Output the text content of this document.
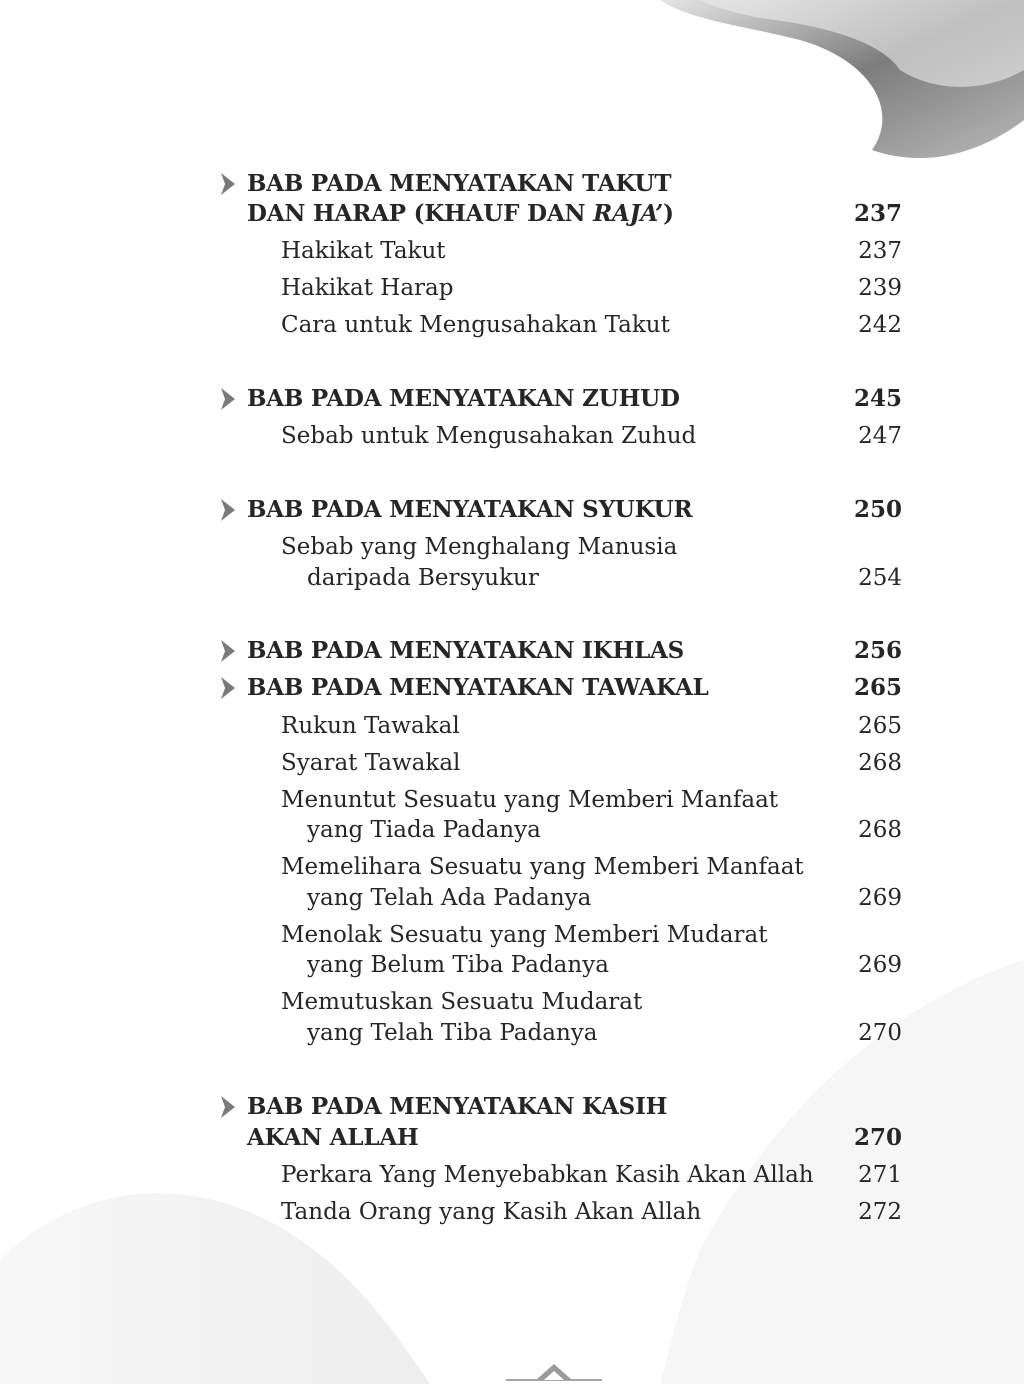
BAB PADA MENYATAKAN TAKUT
DAN HARAP (KHAUF DAN RAJA’)	237
Hakikat Takut	237
Hakikat Harap	239
Cara untuk Mengusahakan Takut	242
BAB PADA MENYATAKAN ZUHUD	245
Sebab untuk Mengusahakan Zuhud	247
BAB PADA MENYATAKAN SYUKUR	250
Sebab yang Menghalang Manusia
daripada Bersyukur	254
BAB PADA MENYATAKAN IKHLAS	256
BAB PADA MENYATAKAN TAWAKAL	265
Rukun Tawakal	265
Syarat Tawakal	268
Menuntut Sesuatu yang Memberi Manfaat
yang Tiada Padanya	268
Memelihara Sesuatu yang Memberi Manfaat
yang Telah Ada Padanya	269
Menolak Sesuatu yang Memberi Mudarat
yang Belum Tiba Padanya	269
Memutuskan Sesuatu Mudarat
yang Telah Tiba Padanya	270
BAB PADA MENYATAKAN KASIH
AKAN ALLAH	270
Perkara Yang Menyebabkan Kasih Akan Allah 271
Tanda Orang yang Kasih Akan Allah	272
